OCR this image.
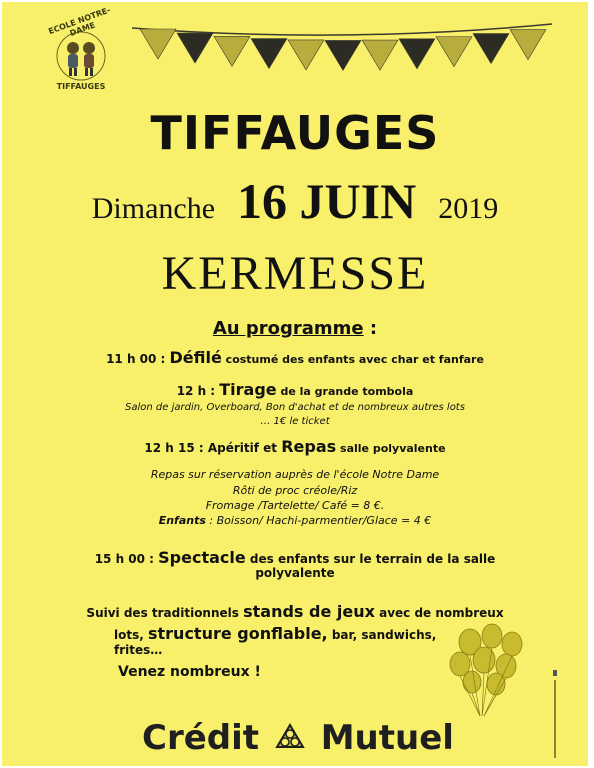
ECOLE NOTRE-DAME
TIFFAUGES
TIFFAUGES
Dimanche 16 JUIN 2019
KERMESSE
Au programme :
11 h 00 : Défilé costumé des enfants avec char et fanfare
12 h : Tirage de la grande tombola
Salon de jardin, Overboard, Bon d'achat et de nombreux autres lots
… 1€ le ticket
12 h 15 : Apéritif et Repas salle polyvalente
Repas sur réservation auprès de l'école Notre Dame
Rôti de proc créole/Riz
Fromage /Tartelette/ Café = 8 €.
Enfants : Boisson/ Hachi-parmentier/Glace = 4 €
15 h 00 : Spectacle des enfants sur le terrain de la salle
polyvalente
Suivi des traditionnels stands de jeux avec de nombreux
lots, structure gonflable, bar, sandwichs, frites…
Venez nombreux !
Crédit Mutuel
